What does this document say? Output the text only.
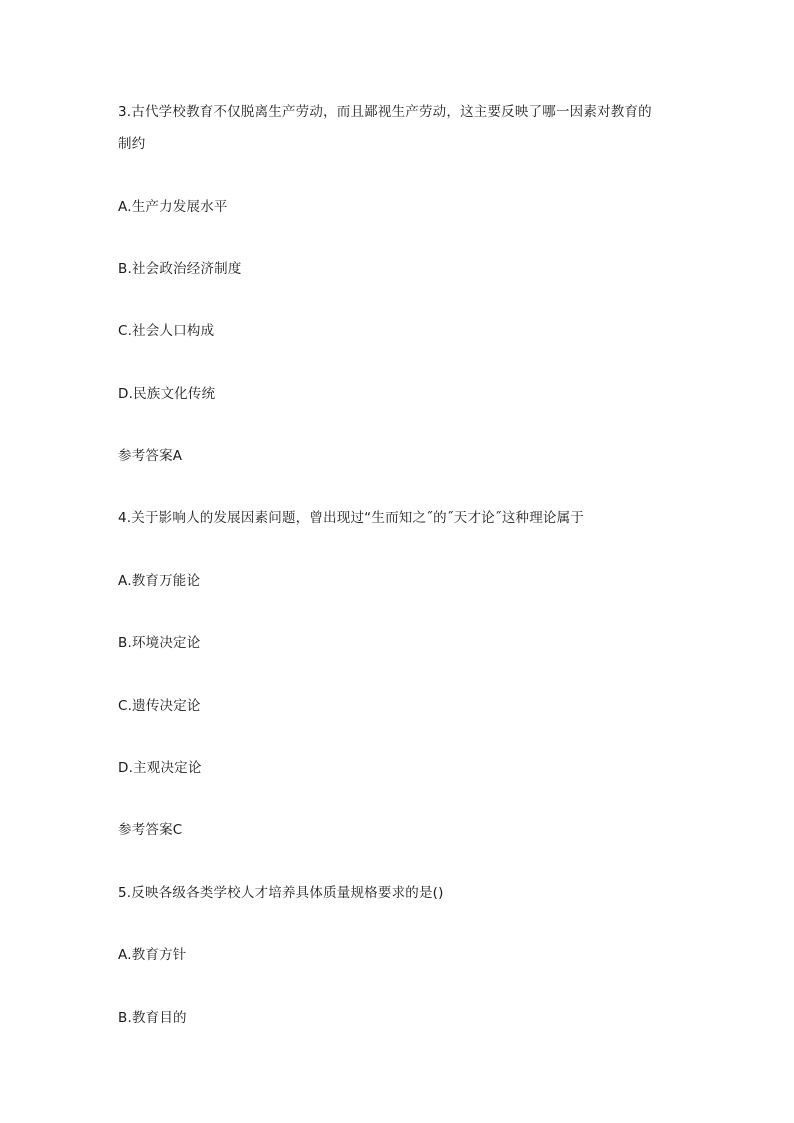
3.古代学校教育不仅脱离生产劳动，而且鄙视生产劳动，这主要反映了哪一因素对教育的
制约
A.生产力发展水平
B.社会政治经济制度
C.社会人口构成
D.民族文化传统
参考答案A
4.关于影响人的发展因素问题，曾出现过“生而知之˝的˝天才论˝这种理论属于
A.教育万能论
B.环境决定论
C.遗传决定论
D.主观决定论
参考答案C
5.反映各级各类学校人才培养具体质量规格要求的是()
A.教育方针
B.教育目的
